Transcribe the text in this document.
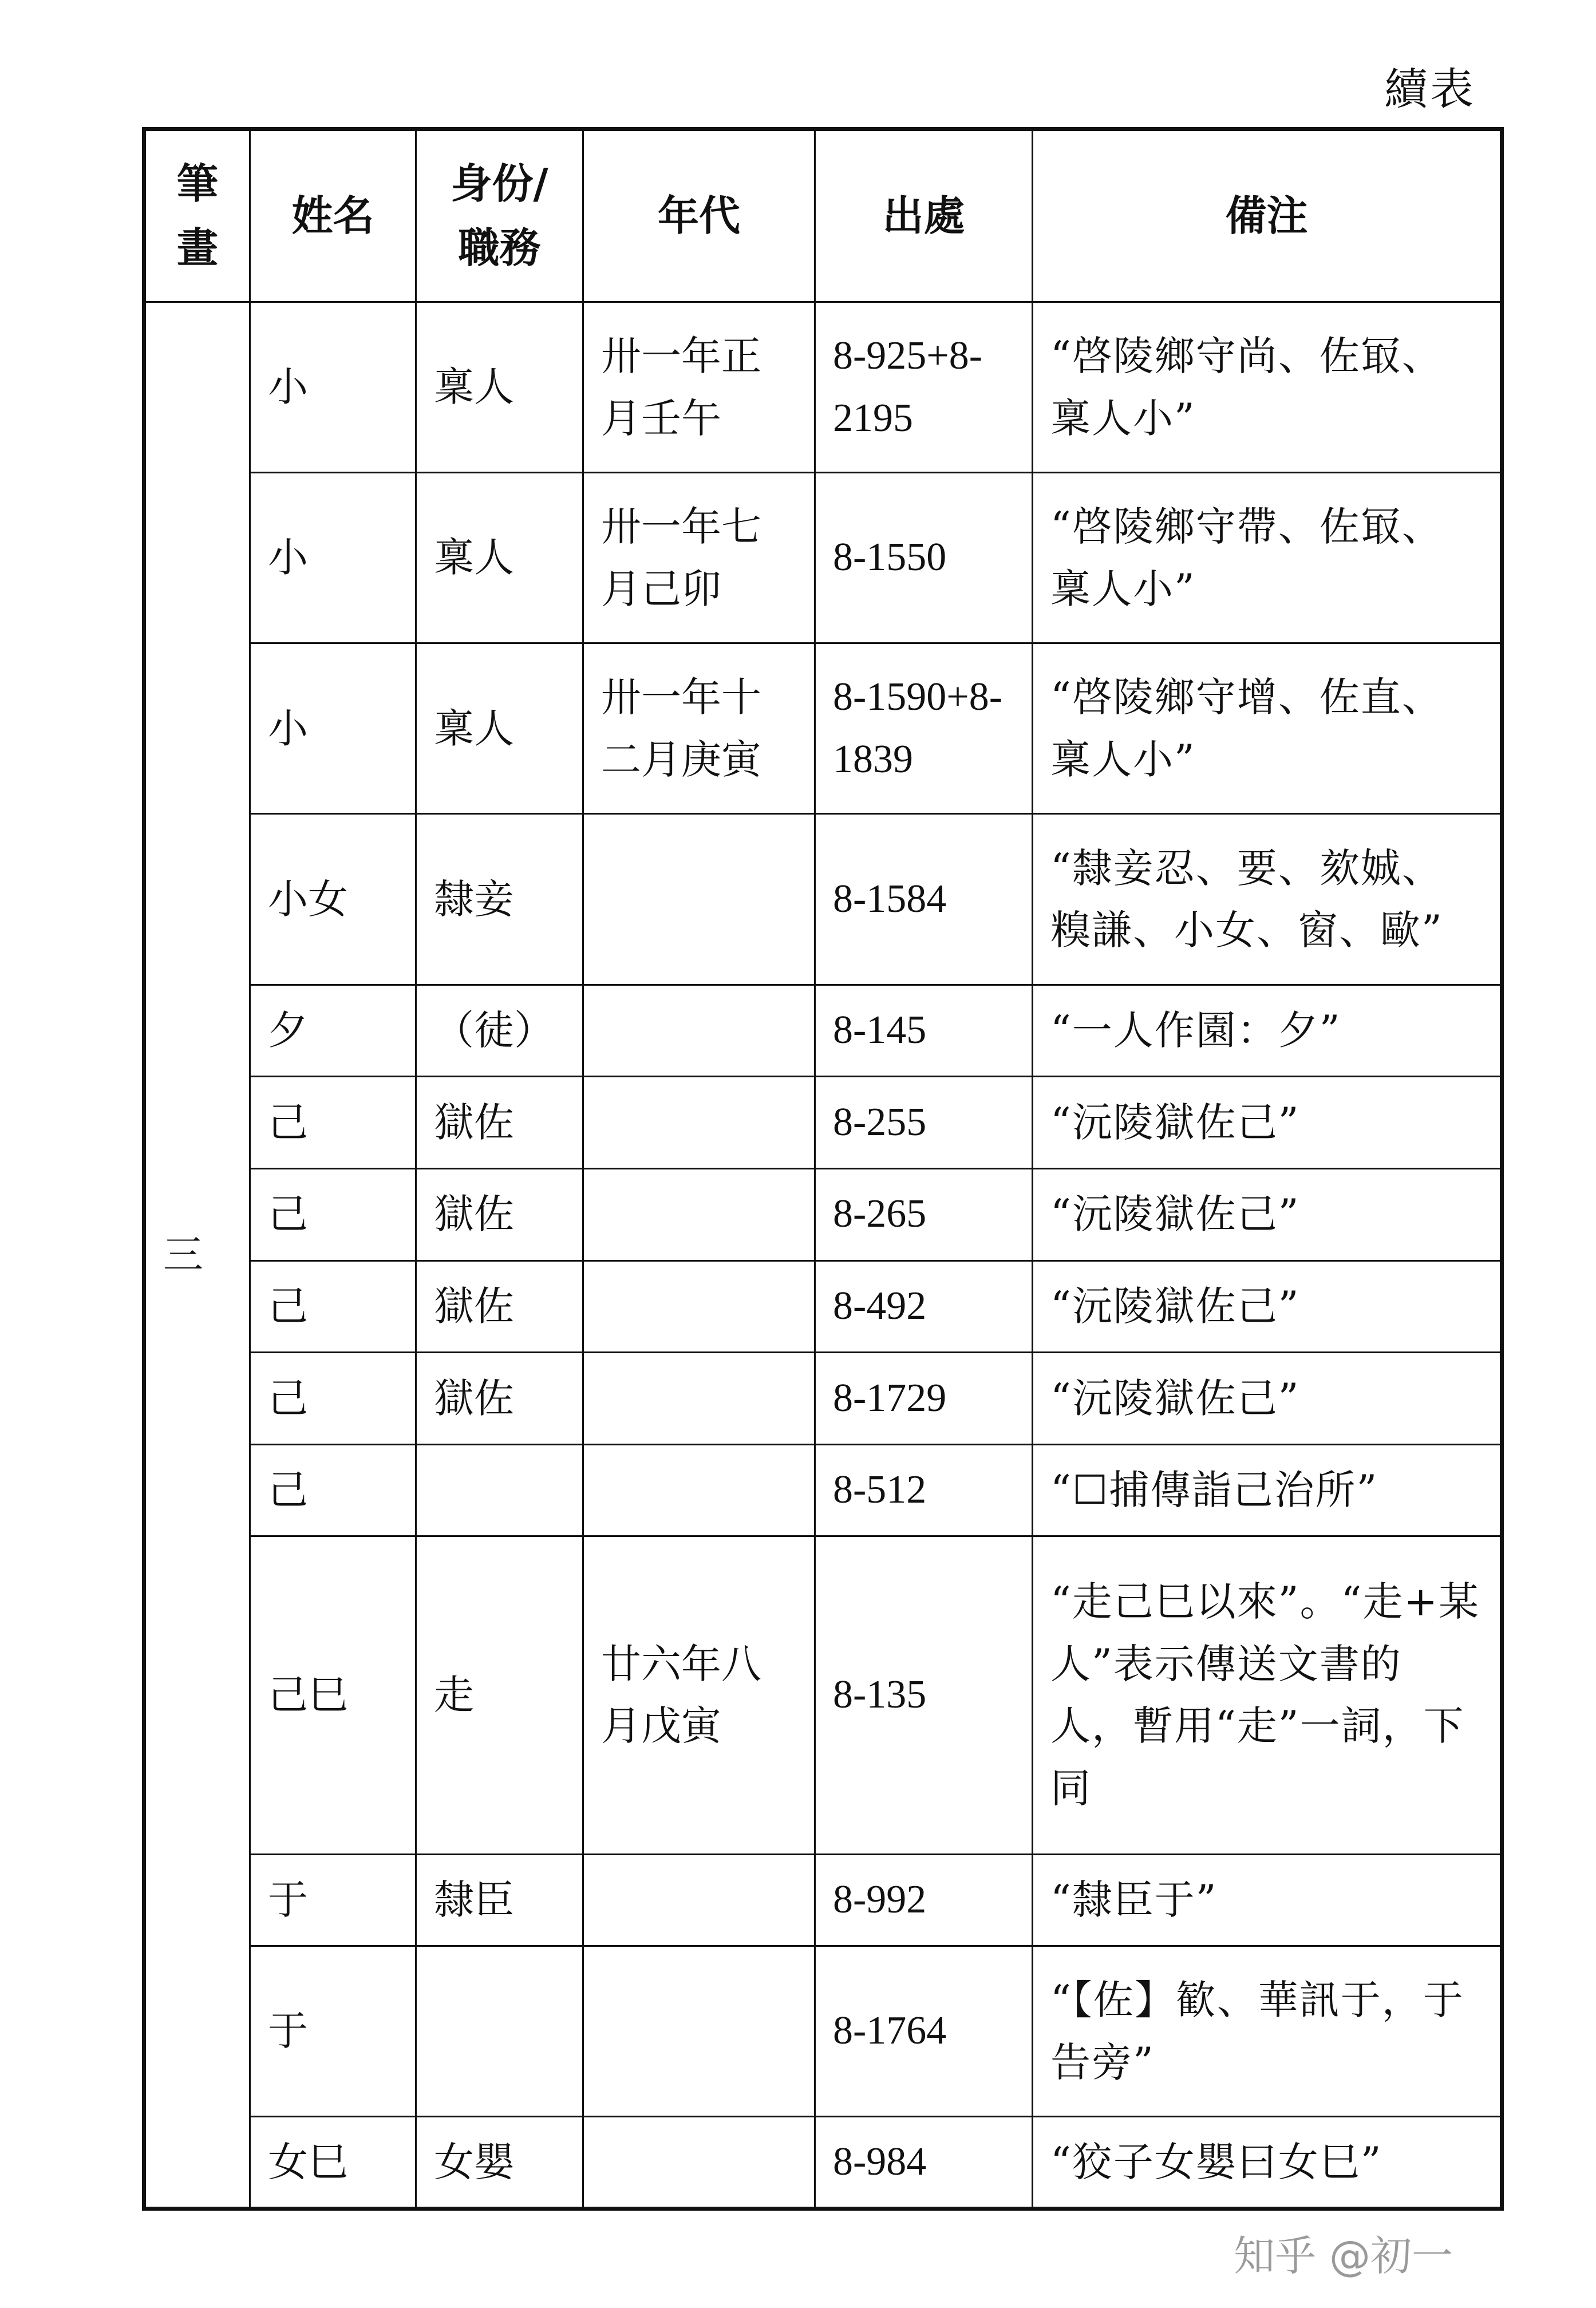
續表
筆畫	姓名	身份/職務	年代	出處	備注
三	小	稟人	卅一年正月壬午	8-925+8-2195	“啓陵鄉守尚、佐冣、稟人小”
	小	稟人	卅一年七月己卯	8-1550	“啓陵鄉守帶、佐冣、稟人小”
	小	稟人	卅一年十二月庚寅	8-1590+8-1839	“啓陵鄉守增、佐直、稟人小”
	小女	隸妾		8-1584	“隸妾忍、要、欬娍、糗謙、小女、窗、歐”
	夕	（徒）		8-145	“一人作園：夕”
	己	獄佐		8-255	“沅陵獄佐己”
	己	獄佐		8-265	“沅陵獄佐己”
	己	獄佐		8-492	“沅陵獄佐己”
	己	獄佐		8-1729	“沅陵獄佐己”
	己			8-512	“☐捕傳詣己治所”
	己巳	走	廿六年八月戊寅	8-135	“走己巳以來”。“走+某人”表示傳送文書的人，暫用“走”一詞，下同
	于	隸臣		8-992	“隸臣于”
	于			8-1764	“【佐】歓、華訊于，于告旁”
	女巳	女嬰		8-984	“狡子女嬰曰女巳”
知乎 @初一
